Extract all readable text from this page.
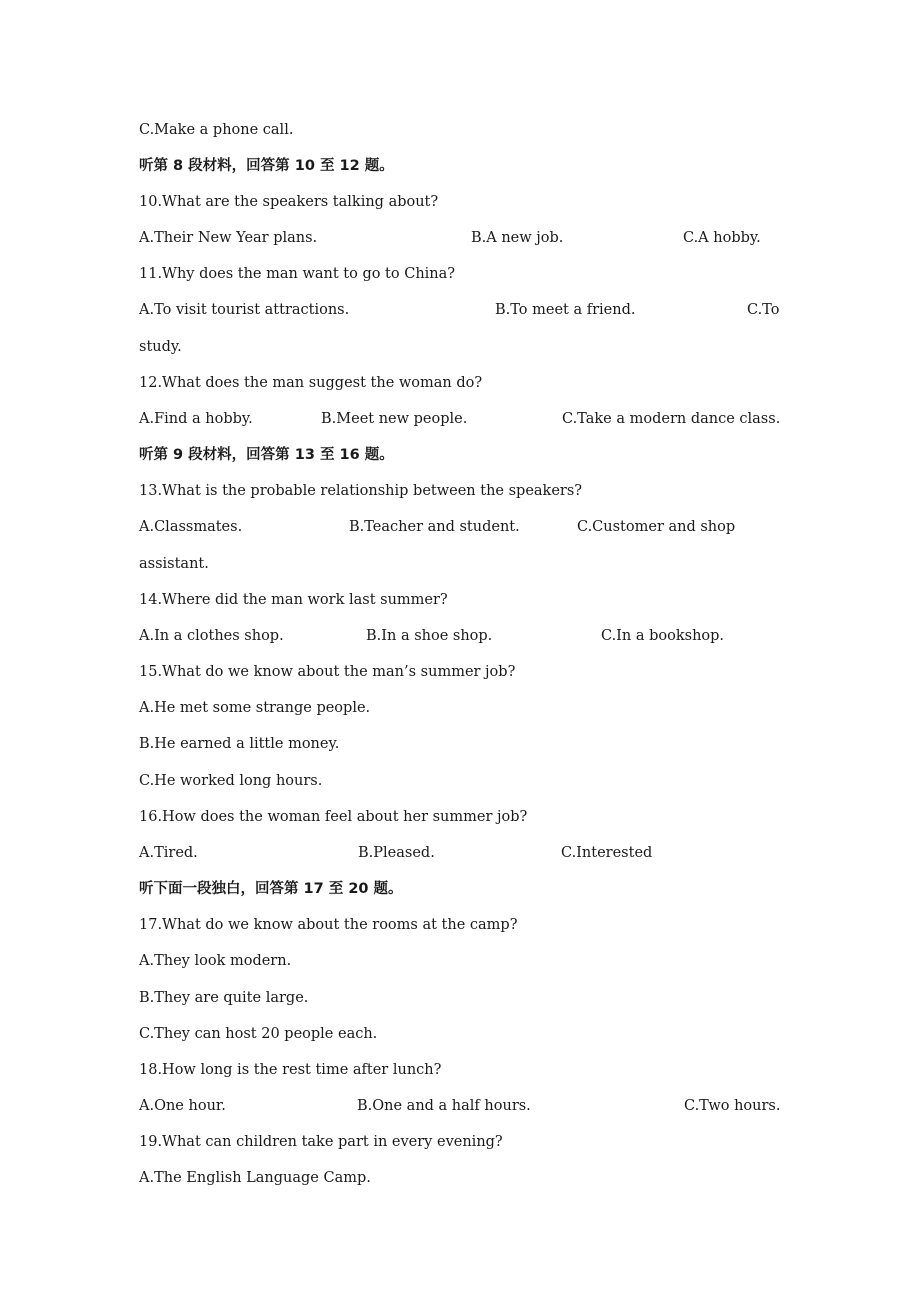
C.Make a phone call.
听第 8 段材料，回答第 10 至 12 题。
10.What are the speakers talking about?
A.Their New Year plans.	B.A new job.	C.A hobby.
11.Why does the man want to go to China?
A.To visit tourist attractions.	B.To meet a friend.	C.To
study.
12.What does the man suggest the woman do?
A.Find a hobby.	B.Meet new people.	C.Take a modern dance class.
听第 9 段材料，回答第 13 至 16 题。
13.What is the probable relationship between the speakers?
A.Classmates.	B.Teacher and student.	C.Customer and shop
assistant.
14.Where did the man work last summer?
A.In a clothes shop.	B.In a shoe shop.	C.In a bookshop.
15.What do we know about the man’s summer job?
A.He met some strange people.
B.He earned a little money.
C.He worked long hours.
16.How does the woman feel about her summer job?
A.Tired.	B.Pleased.	C.Interested
听下面一段独白，回答第 17 至 20 题。
17.What do we know about the rooms at the camp?
A.They look modern.
B.They are quite large.
C.They can host 20 people each.
18.How long is the rest time after lunch?
A.One hour.	B.One and a half hours.	C.Two hours.
19.What can children take part in every evening?
A.The English Language Camp.
